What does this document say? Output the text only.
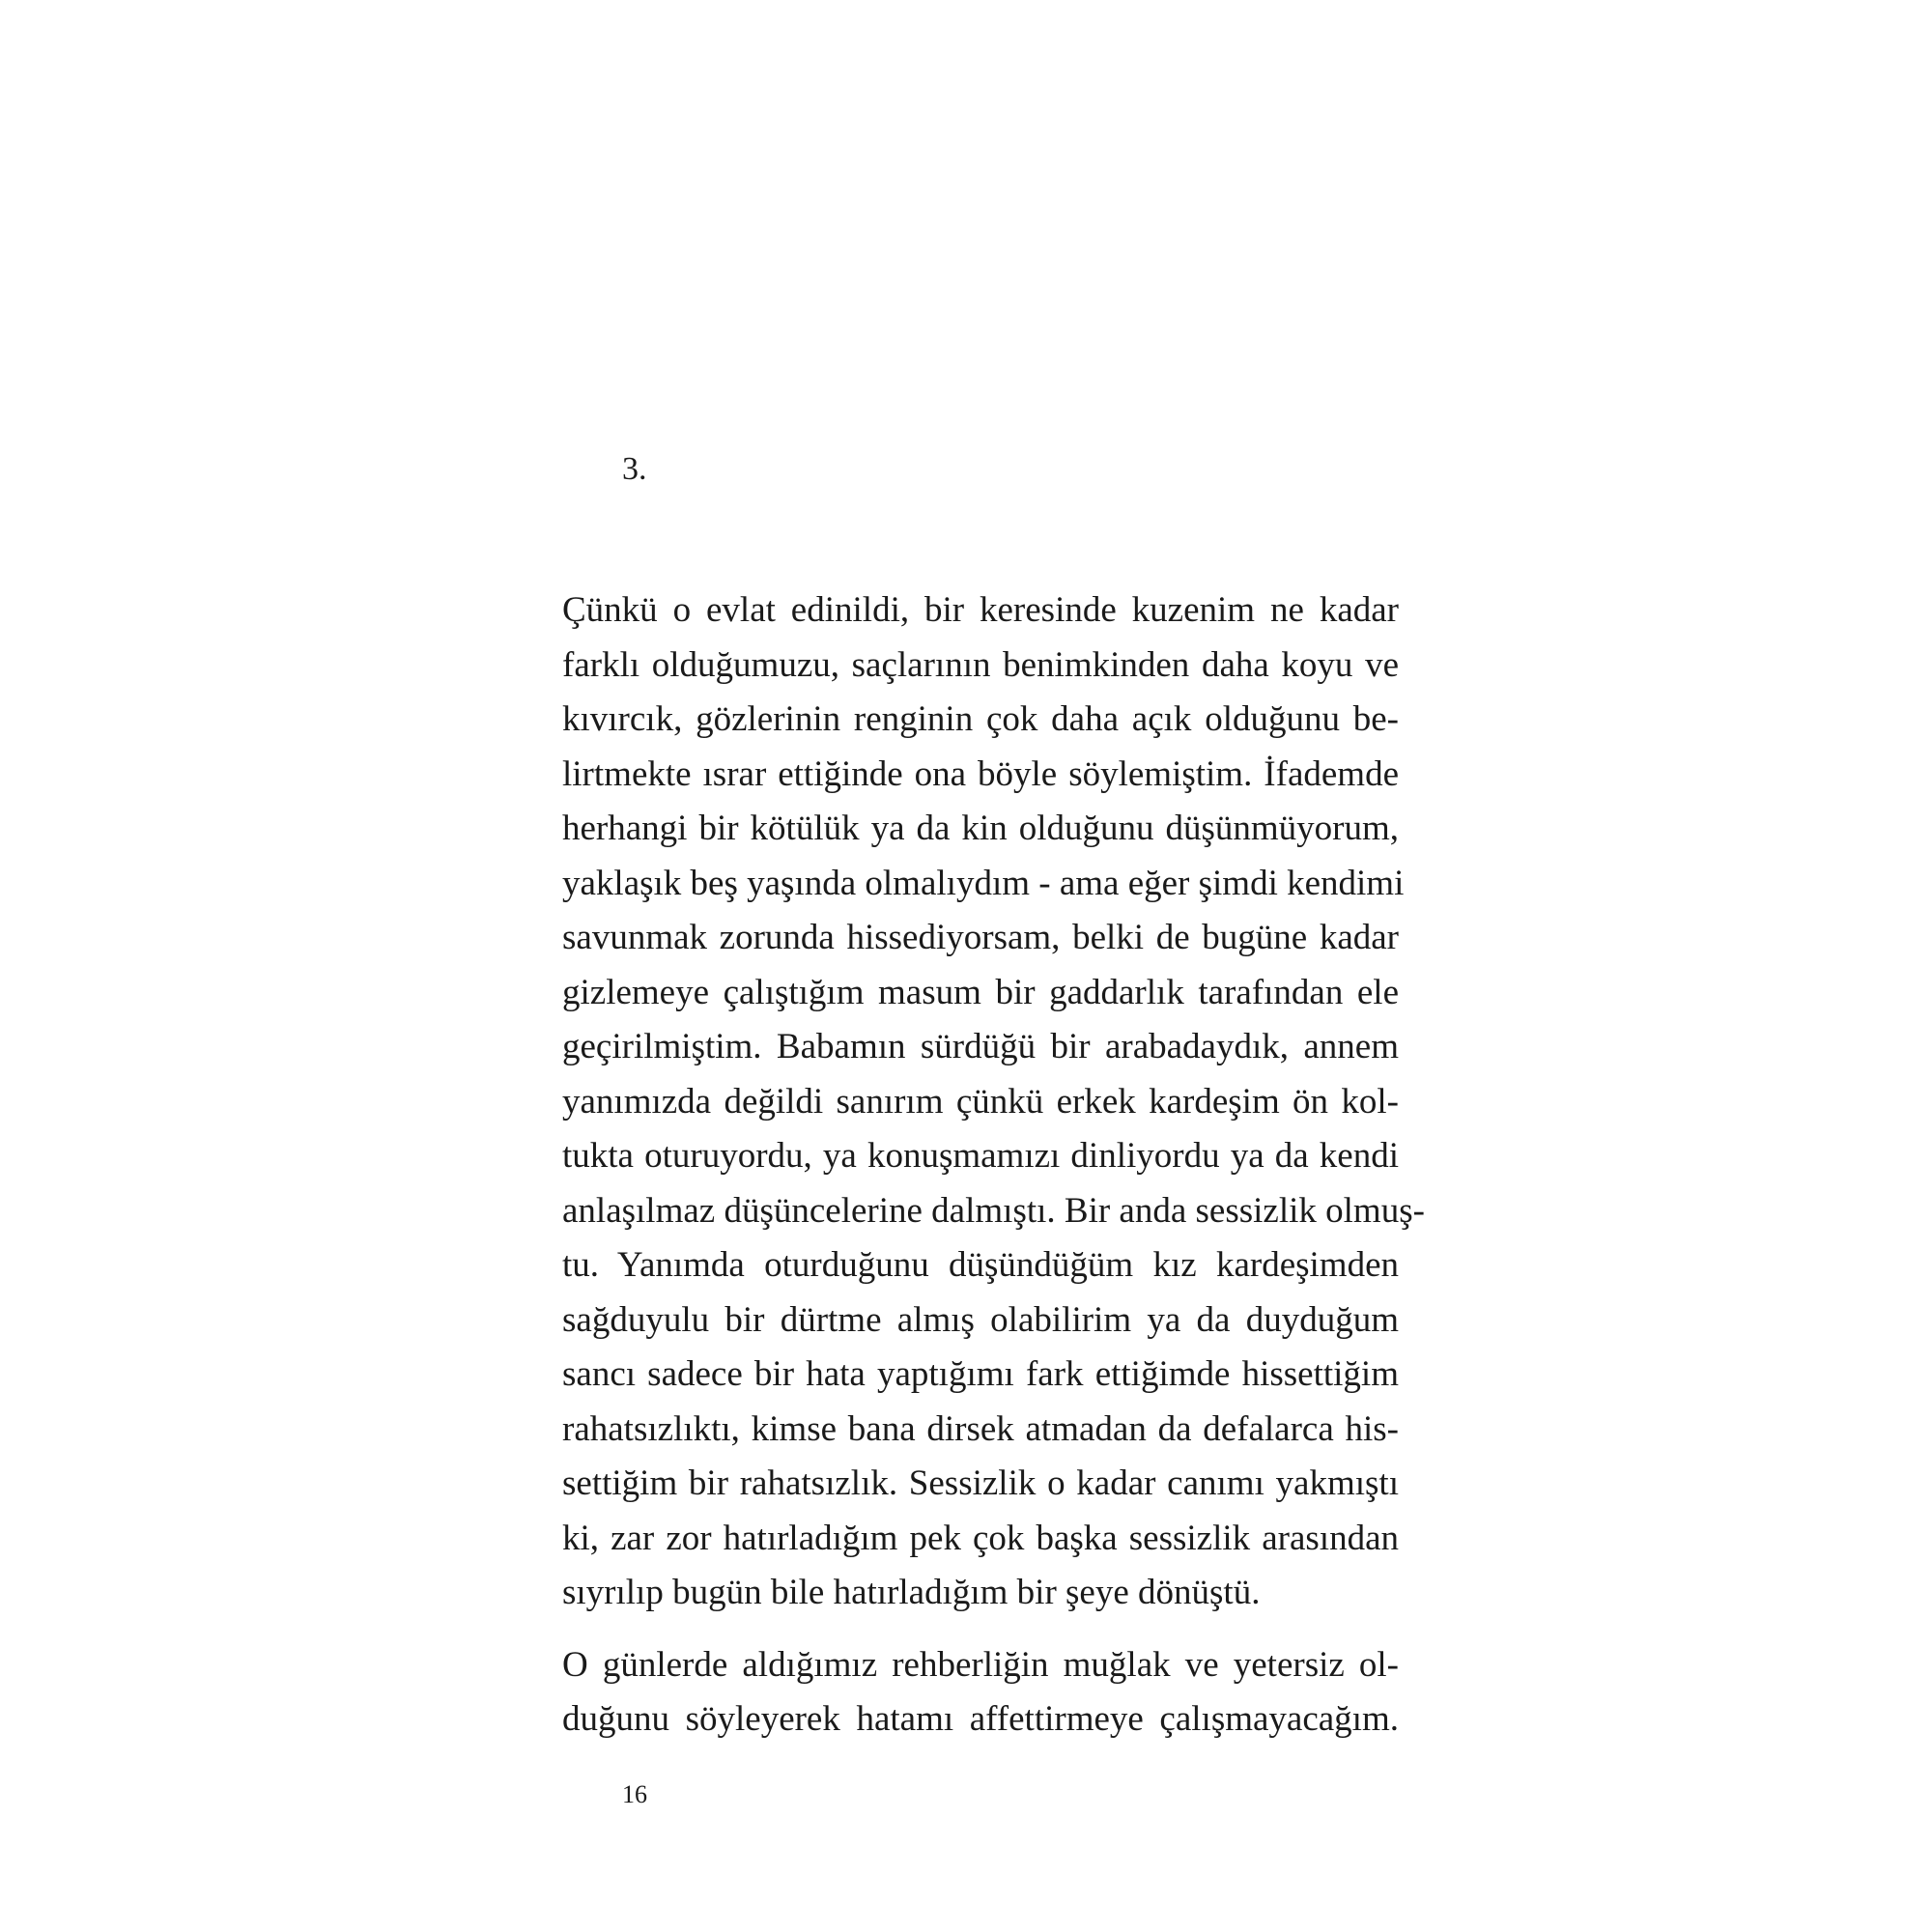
3.
Çünkü o evlat edinildi, bir keresinde kuzenim ne kadar
farklı olduğumuzu, saçlarının benimkinden daha koyu ve
kıvırcık, gözlerinin renginin çok daha açık olduğunu be-
lirtmekte ısrar ettiğinde ona böyle söylemiştim. İfademde
herhangi bir kötülük ya da kin olduğunu düşünmüyorum,
yaklaşık beş yaşında olmalıydım - ama eğer şimdi kendimi
savunmak zorunda hissediyorsam, belki de bugüne kadar
gizlemeye çalıştığım masum bir gaddarlık tarafından ele
geçirilmiştim. Babamın sürdüğü bir arabadaydık, annem
yanımızda değildi sanırım çünkü erkek kardeşim ön kol-
tukta oturuyordu, ya konuşmamızı dinliyordu ya da kendi
anlaşılmaz düşüncelerine dalmıştı. Bir anda sessizlik olmuş-
tu. Yanımda oturduğunu düşündüğüm kız kardeşimden
sağduyulu bir dürtme almış olabilirim ya da duyduğum
sancı sadece bir hata yaptığımı fark ettiğimde hissettiğim
rahatsızlıktı, kimse bana dirsek atmadan da defalarca his-
settiğim bir rahatsızlık. Sessizlik o kadar canımı yakmıştı
ki, zar zor hatırladığım pek çok başka sessizlik arasından
sıyrılıp bugün bile hatırladığım bir şeye dönüştü.
O günlerde aldığımız rehberliğin muğlak ve yetersiz ol-
duğunu söyleyerek hatamı affettirmeye çalışmayacağım.
16
